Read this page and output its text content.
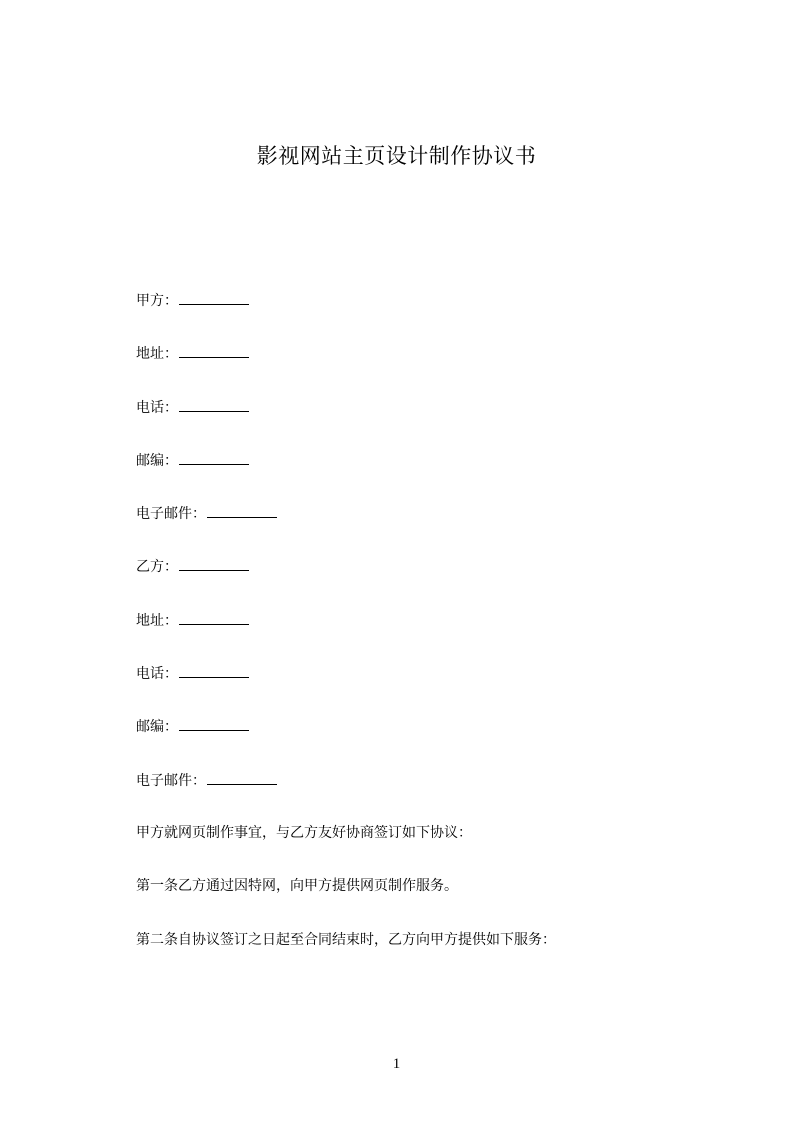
影视网站主页设计制作协议书
甲方：
地址：
电话：
邮编：
电子邮件：
乙方：
地址：
电话：
邮编：
电子邮件：
甲方就网页制作事宜，与乙方友好协商签订如下协议：
第一条乙方通过因特网，向甲方提供网页制作服务。
第二条自协议签订之日起至合同结束时，乙方向甲方提供如下服务：
1
